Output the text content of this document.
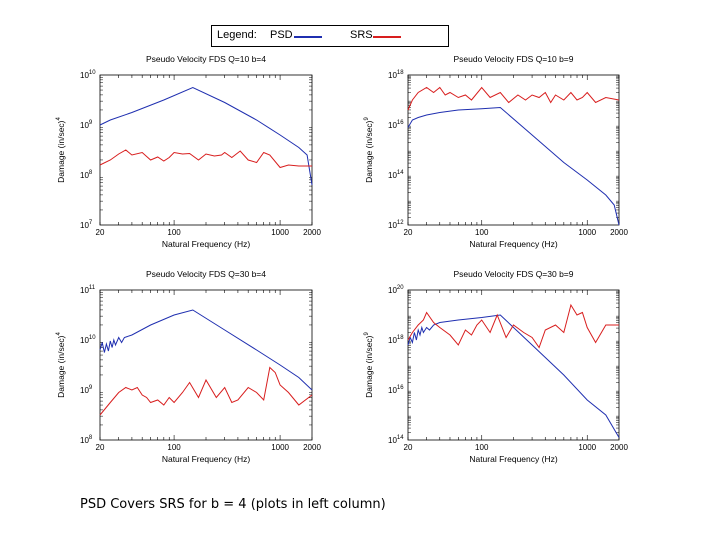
Legend: PSD	SRS
20	100	1000 2000
$10^7$
$10^8$
$10^9$
$10^{10}$
Pseudo Velocity FDS Q=10 b=4
Natural Frequency (Hz)
Damage $(in/\sec)^4$
20	100	1000 2000
$10^{12}$
$10^{14}$
$10^{16}$
$10^{18}$
Pseudo Velocity FDS Q=10 b=9
Natural Frequency (Hz)
Damage $(in/\sec)^9$
20	100	1000 2000
$10^8$
$10^9$
$10^{10}$
$10^{11}$
Pseudo Velocity FDS Q=30 b=4
Natural Frequency (Hz)
Damage $(in/\sec)^4$
20	100	1000 2000
$10^{14}$
$10^{16}$
$10^{18}$
$10^{20}$
Pseudo Velocity FDS Q=30 b=9
Natural Frequency (Hz)
Damage $(in/\sec)^9$
PSD Covers SRS for b = 4 (plots in left column)
